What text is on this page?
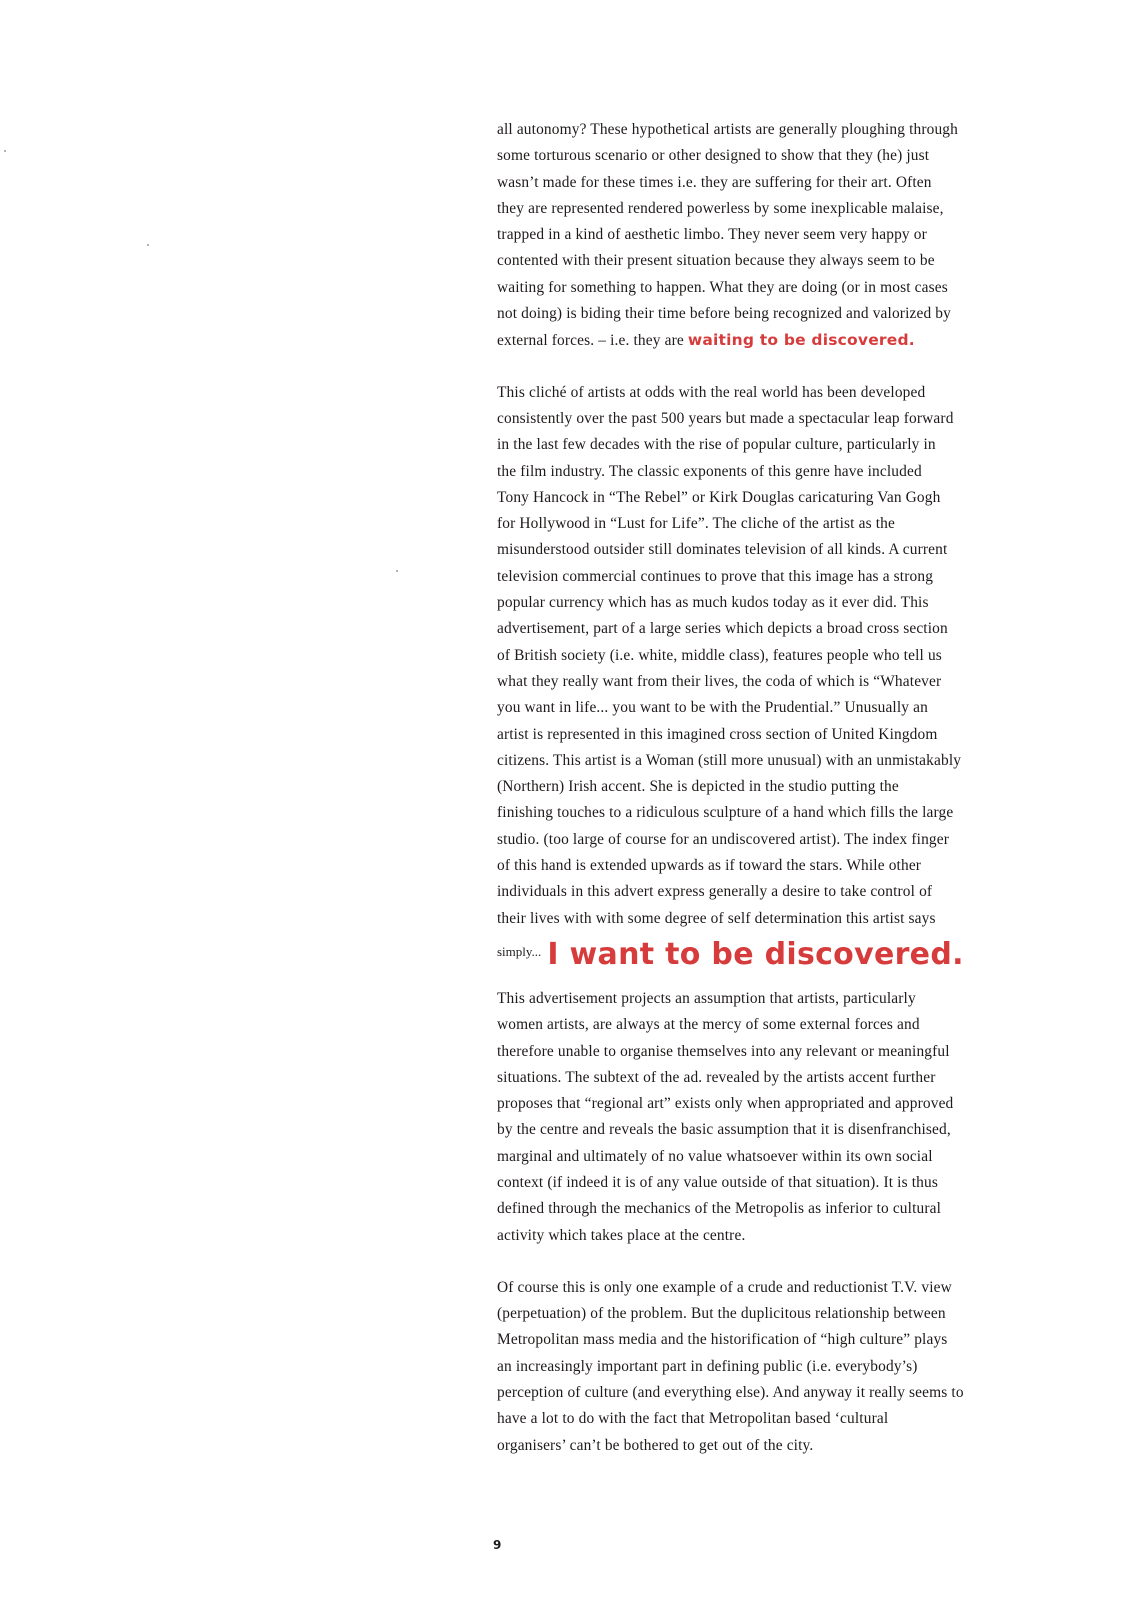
all autonomy? These hypothetical artists are generally ploughing through
some torturous scenario or other designed to show that they (he) just
wasn’t made for these times i.e. they are suffering for their art. Often
they are represented rendered powerless by some inexplicable malaise,
trapped in a kind of aesthetic limbo. They never seem very happy or
contented with their present situation because they always seem to be
waiting for something to happen. What they are doing (or in most cases
not doing) is biding their time before being recognized and valorized by
external forces. – i.e. they are waiting to be discovered.
This cliché of artists at odds with the real world has been developed
consistently over the past 500 years but made a spectacular leap forward
in the last few decades with the rise of popular culture, particularly in
the film industry. The classic exponents of this genre have included
Tony Hancock in “The Rebel” or Kirk Douglas caricaturing Van Gogh
for Hollywood in “Lust for Life”. The cliche of the artist as the
misunderstood outsider still dominates television of all kinds. A current
television commercial continues to prove that this image has a strong
popular currency which has as much kudos today as it ever did. This
advertisement, part of a large series which depicts a broad cross section
of British society (i.e. white, middle class), features people who tell us
what they really want from their lives, the coda of which is “Whatever
you want in life... you want to be with the Prudential.” Unusually an
artist is represented in this imagined cross section of United Kingdom
citizens. This artist is a Woman (still more unusual) with an unmistakably
(Northern) Irish accent. She is depicted in the studio putting the
finishing touches to a ridiculous sculpture of a hand which fills the large
studio. (too large of course for an undiscovered artist). The index finger
of this hand is extended upwards as if toward the stars. While other
individuals in this advert express generally a desire to take control of
their lives with with some degree of self determination this artist says
$^{simply...}$ I want to be discovered.
This advertisement projects an assumption that artists, particularly
women artists, are always at the mercy of some external forces and
therefore unable to organise themselves into any relevant or meaningful
situations. The subtext of the ad. revealed by the artists accent further
proposes that “regional art” exists only when appropriated and approved
by the centre and reveals the basic assumption that it is disenfranchised,
marginal and ultimately of no value whatsoever within its own social
context (if indeed it is of any value outside of that situation). It is thus
defined through the mechanics of the Metropolis as inferior to cultural
activity which takes place at the centre.
Of course this is only one example of a crude and reductionist T.V. view
(perpetuation) of the problem. But the duplicitous relationship between
Metropolitan mass media and the historification of “high culture” plays
an increasingly important part in defining public (i.e. everybody’s)
perception of culture (and everything else). And anyway it really seems to
have a lot to do with the fact that Metropolitan based ‘cultural
organisers’ can’t be bothered to get out of the city.
9
